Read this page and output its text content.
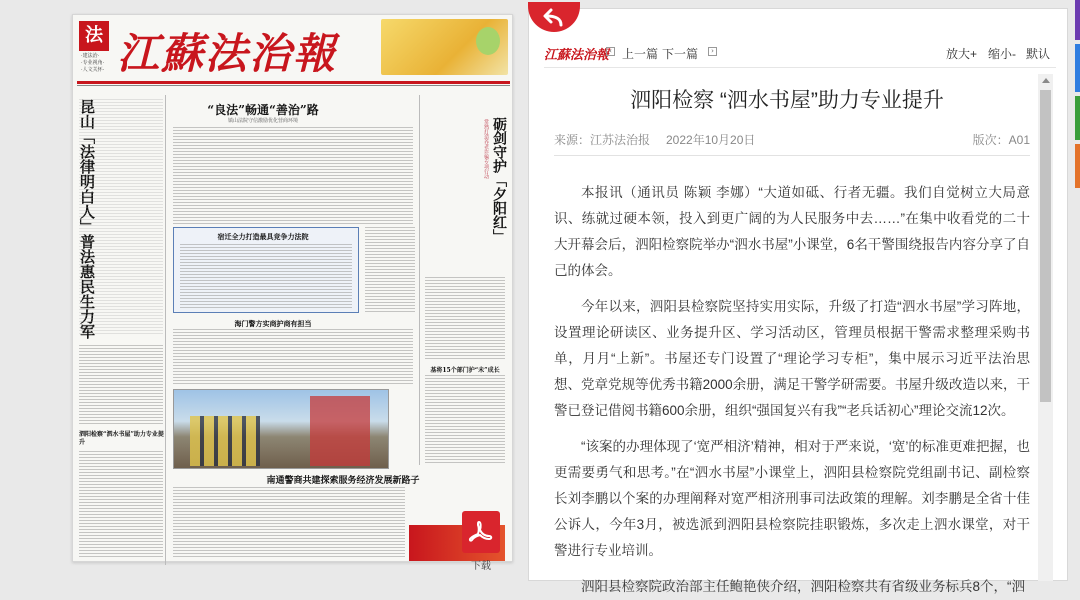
法
·建法治·
·专业视角·
·人文关怀· 江蘇法治報
昆山「法律明白人」普法惠民生力军	砺剑守护「夕阳红」
常熟打造养老诈骗专项行动
“良法”畅通“善治”路
镇山法院守信激励优化营商环境
宿迁全力打造最具竞争力法院
海门警方实商护商有担当
基将15个部门护“未”成长
泗阳检察“泗水书屋”助力专业提升
南通警商共建探索服务经济发展新路子
下载
江蘇法治報 ‹ 上一篇 下一篇	›	放大+ 缩小- 默认
泗阳检察 “泗水书屋”助力专业提升
来源：江苏法治报 2022年10月20日	版次：A01

本报讯（通讯员 陈颖 李娜）“大道如砥、行者无疆。我们自觉树立大局意识、练就过硬本领，投入到更广阔的为人民服务中去……”在集中收看党的二十大开幕会后，泗阳检察院举办“泗水书屋”小课堂，6名干警围绕报告内容分享了自己的体会。

今年以来，泗阳县检察院坚持实用实际，升级了打造“泗水书屋”学习阵地，设置理论研读区、业务提升区、学习活动区，管理员根据干警需求整理采购书单，月月“上新”。书屋还专门设置了“理论学习专柜”，集中展示习近平法治思想、党章党规等优秀书籍2000余册，满足干警学研需要。书屋升级改造以来，干警已登记借阅书籍600余册，组织“强国复兴有我”“老兵话初心”理论交流12次。

“该案的办理体现了‘宽严相济’精神，相对于严来说，‘宽’的标准更难把握，也更需要勇气和思考。”在“泗水书屋”小课堂上，泗阳县检察院党组副书记、副检察长刘李鹏以个案的办理阐释对宽严相济刑事司法政策的理解。刘李鹏是全省十佳公诉人，今年3月，被选派到泗阳县检察院挂职锻炼，多次走上泗水课堂，对干警进行专业培训。

泗阳县检察院政治部主任鲍艳侠介绍，泗阳检察共有省级业务标兵8个，“泗
